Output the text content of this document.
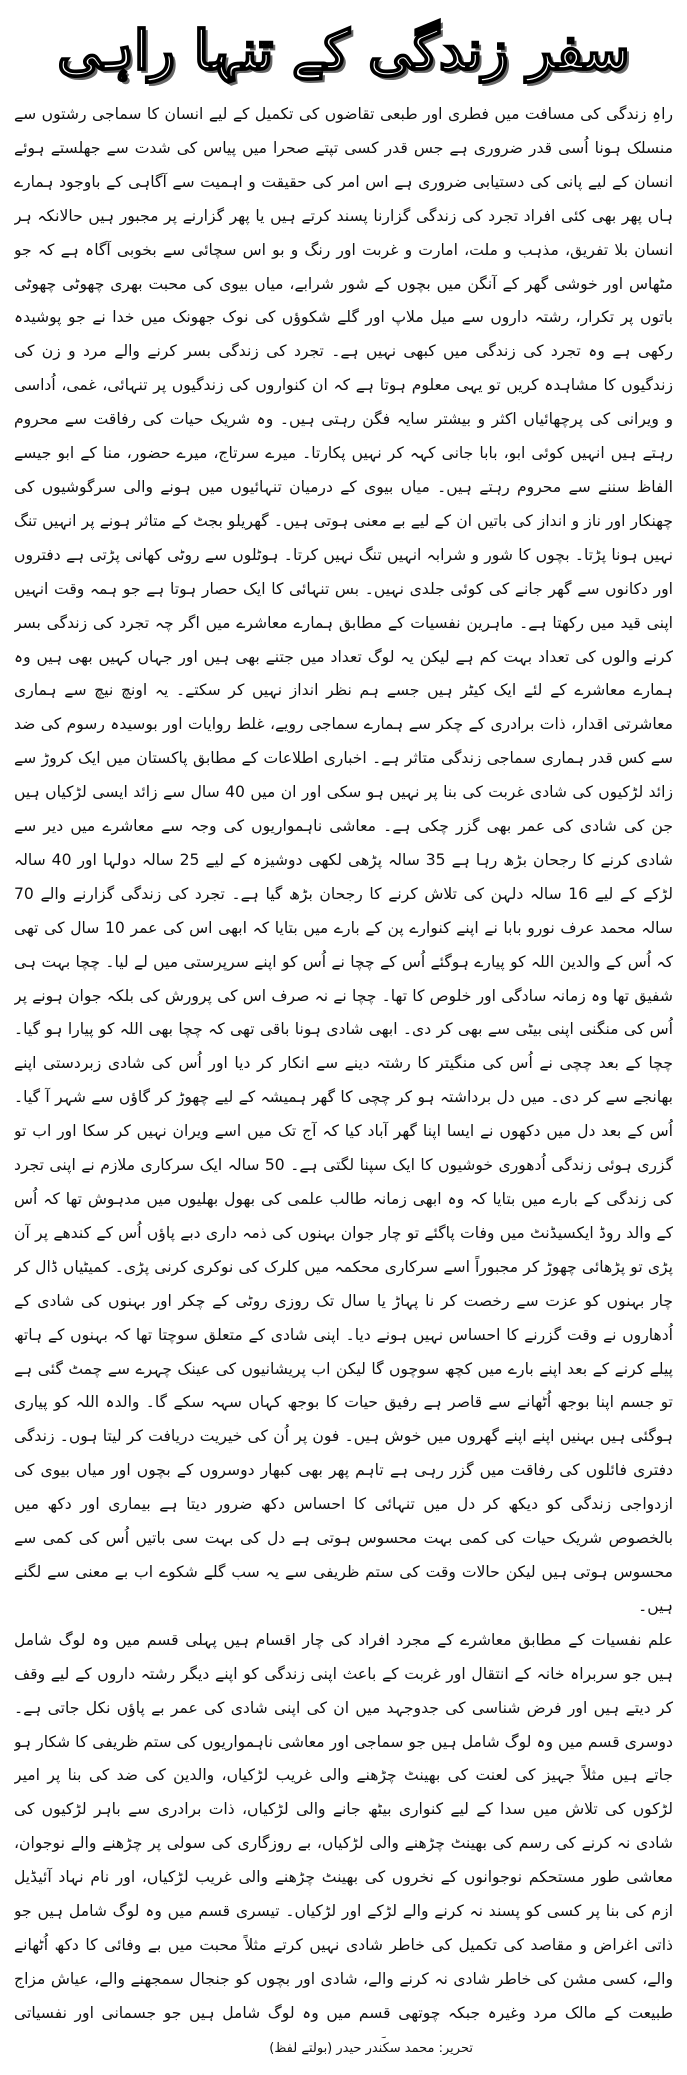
سفر زندگی کے تنہا راہی

راہِ زندگی کی مسافت میں فطری اور طبعی تقاضوں کی تکمیل کے لیے انسان کا سماجی رشتوں سے منسلک ہونا اُسی قدر ضروری ہے جس قدر کسی تپتے صحرا میں پیاس کی شدت سے جھلستے ہوئے انسان کے لیے پانی کی دستیابی ضروری ہے اس امر کی حقیقت و اہمیت سے آگاہی کے باوجود ہمارے ہاں پھر بھی کئی افراد تجرد کی زندگی گزارنا پسند کرتے ہیں یا پھر گزارنے پر مجبور ہیں حالانکہ ہر انسان بلا تفریق، مذہب و ملت، امارت و غربت اور رنگ و بو اس سچائی سے بخوبی آگاہ ہے کہ جو مٹھاس اور خوشی گھر کے آنگن میں بچوں کے شور شرابے، میاں بیوی کی محبت بھری چھوٹی چھوٹی باتوں پر تکرار، رشتہ داروں سے میل ملاپ اور گلے شکوؤں کی نوک جھونک میں خدا نے جو پوشیدہ رکھی ہے وہ تجرد کی زندگی میں کبھی نہیں ہے۔ تجرد کی زندگی بسر کرنے والے مرد و زن کی زندگیوں کا مشاہدہ کریں تو یہی معلوم ہوتا ہے کہ ان کنواروں کی زندگیوں پر تنہائی، غمی، اُداسی و ویرانی کی پرچھائیاں اکثر و بیشتر سایہ فگن رہتی ہیں۔ وہ شریک حیات کی رفاقت سے محروم رہتے ہیں انہیں کوئی ابو، بابا جانی کہہ کر نہیں پکارتا۔ میرے سرتاج، میرے حضور، منا کے ابو جیسے الفاظ سننے سے محروم رہتے ہیں۔ میاں بیوی کے درمیان تنہائیوں میں ہونے والی سرگوشیوں کی چھنکار اور ناز و انداز کی باتیں ان کے لیے بے معنی ہوتی ہیں۔ گھریلو بجٹ کے متاثر ہونے پر انہیں تنگ نہیں ہونا پڑتا۔ بچوں کا شور و شرابہ انہیں تنگ نہیں کرتا۔ ہوٹلوں سے روٹی کھانی پڑتی ہے دفتروں اور دکانوں سے گھر جانے کی کوئی جلدی نہیں۔ بس تنہائی کا ایک حصار ہوتا ہے جو ہمہ وقت انہیں اپنی قید میں رکھتا ہے۔ ماہرین نفسیات کے مطابق ہمارے معاشرے میں اگر چہ تجرد کی زندگی بسر کرنے والوں کی تعداد بہت کم ہے لیکن یہ لوگ تعداد میں جتنے بھی ہیں اور جہاں کہیں بھی ہیں وہ ہمارے معاشرے کے لئے ایک کیٹر ہیں جسے ہم نظر انداز نہیں کر سکتے۔ یہ اونچ نیچ سے ہماری معاشرتی اقدار، ذات برادری کے چکر سے ہمارے سماجی رویے، غلط روایات اور بوسیدہ رسوم کی ضد سے کس قدر ہماری سماجی زندگی متاثر ہے۔ اخباری اطلاعات کے مطابق پاکستان میں ایک کروڑ سے زائد لڑکیوں کی شادی غربت کی بنا پر نہیں ہو سکی اور ان میں 40 سال سے زائد ایسی لڑکیاں ہیں جن کی شادی کی عمر بھی گزر چکی ہے۔ معاشی ناہمواریوں کی وجہ سے معاشرے میں دیر سے شادی کرنے کا رجحان بڑھ رہا ہے 35 سالہ پڑھی لکھی دوشیزہ کے لیے 25 سالہ دولہا اور 40 سالہ لڑکے کے لیے 16 سالہ دلہن کی تلاش کرنے کا رجحان بڑھ گیا ہے۔ تجرد کی زندگی گزارنے والے 70 سالہ محمد عرف نورو بابا نے اپنے کنوارے پن کے بارے میں بتایا کہ ابھی اس کی عمر 10 سال کی تھی کہ اُس کے والدین اللہ کو پیارے ہوگئے اُس کے چچا نے اُس کو اپنے سرپرستی میں لے لیا۔ چچا بہت ہی شفیق تھا وہ زمانہ سادگی اور خلوص کا تھا۔ چچا نے نہ صرف اس کی پرورش کی بلکہ جوان ہونے پر اُس کی منگنی اپنی بیٹی سے بھی کر دی۔ ابھی شادی ہونا باقی تھی کہ چچا بھی اللہ کو پیارا ہو گیا۔ چچا کے بعد چچی نے اُس کی منگیتر کا رشتہ دینے سے انکار کر دیا اور اُس کی شادی زبردستی اپنے بھانجے سے کر دی۔ میں دل برداشتہ ہو کر چچی کا گھر ہمیشہ کے لیے چھوڑ کر گاؤں سے شہر آ گیا۔ اُس کے بعد دل میں دکھوں نے ایسا اپنا گھر آباد کیا کہ آج تک میں اسے ویران نہیں کر سکا اور اب تو گزری ہوئی زندگی اُدھوری خوشیوں کا ایک سپنا لگتی ہے۔ 50 سالہ ایک سرکاری ملازم نے اپنی تجرد کی زندگی کے بارے میں بتایا کہ وہ ابھی زمانہ طالب علمی کی بھول بھلیوں میں مدہوش تھا کہ اُس کے والد روڈ ایکسیڈنٹ میں وفات پاگئے تو چار جوان بہنوں کی ذمہ داری دبے پاؤں اُس کے کندھے پر آن پڑی تو پڑھائی چھوڑ کر مجبوراً اسے سرکاری محکمہ میں کلرک کی نوکری کرنی پڑی۔ کمیٹیاں ڈال کر چار بہنوں کو عزت سے رخصت کر نا پہاڑ یا سال تک روزی روٹی کے چکر اور بہنوں کی شادی کے اُدھاروں نے وقت گزرنے کا احساس نہیں ہونے دیا۔ اپنی شادی کے متعلق سوچتا تھا کہ بہنوں کے ہاتھ پیلے کرنے کے بعد اپنے بارے میں کچھ سوچوں گا لیکن اب پریشانیوں کی عینک چہرے سے چمٹ گئی ہے تو جسم اپنا بوجھ اُٹھانے سے قاصر ہے رفیق حیات کا بوجھ کہاں سہہ سکے گا۔ والدہ اللہ کو پیاری ہوگئی ہیں بہنیں اپنے اپنے گھروں میں خوش ہیں۔ فون پر اُن کی خیریت دریافت کر لیتا ہوں۔ زندگی دفتری فائلوں کی رفاقت میں گزر رہی ہے تاہم پھر بھی کبھار دوسروں کے بچوں اور میاں بیوی کی ازدواجی زندگی کو دیکھ کر دل میں تنہائی کا احساس دکھ ضرور دیتا ہے بیماری اور دکھ میں بالخصوص شریک حیات کی کمی بہت محسوس ہوتی ہے دل کی بہت سی باتیں اُس کی کمی سے محسوس ہوتی ہیں لیکن حالات وقت کی ستم ظریفی سے یہ سب گلے شکوے اب بے معنی سے لگنے ہیں۔

علم نفسیات کے مطابق معاشرے کے مجرد افراد کی چار اقسام ہیں پہلی قسم میں وہ لوگ شامل ہیں جو سربراہ خانہ کے انتقال اور غربت کے باعث اپنی زندگی کو اپنے دیگر رشتہ داروں کے لیے وقف کر دیتے ہیں اور فرض شناسی کی جدوجہد میں ان کی اپنی شادی کی عمر بے پاؤں نکل جاتی ہے۔ دوسری قسم میں وہ لوگ شامل ہیں جو سماجی اور معاشی ناہمواریوں کی ستم ظریفی کا شکار ہو جاتے ہیں مثلاً جہیز کی لعنت کی بھینٹ چڑھنے والی غریب لڑکیاں، والدین کی ضد کی بنا پر امیر لڑکوں کی تلاش میں سدا کے لیے کنواری بیٹھ جانے والی لڑکیاں، ذات برادری سے باہر لڑکیوں کی شادی نہ کرنے کی رسم کی بھینٹ چڑھنے والی لڑکیاں، بے روزگاری کی سولی پر چڑھنے والے نوجوان، معاشی طور مستحکم نوجوانوں کے نخروں کی بھینٹ چڑھنے والی غریب لڑکیاں، اور نام نہاد آئیڈیل ازم کی بنا پر کسی کو پسند نہ کرنے والے لڑکے اور لڑکیاں۔ تیسری قسم میں وہ لوگ شامل ہیں جو ذاتی اغراض و مقاصد کی تکمیل کی خاطر شادی نہیں کرتے مثلاً محبت میں بے وفائی کا دکھ اُٹھانے والے، کسی مشن کی خاطر شادی نہ کرنے والے، شادی اور بچوں کو جنجال سمجھنے والے، عیاش مزاج طبیعت کے مالک مرد وغیرہ جبکہ چوتھی قسم میں وہ لوگ شامل ہیں جو جسمانی اور نفسیاتی

تحریر: محمد سکندر حیدر (بولتے لفظ)
